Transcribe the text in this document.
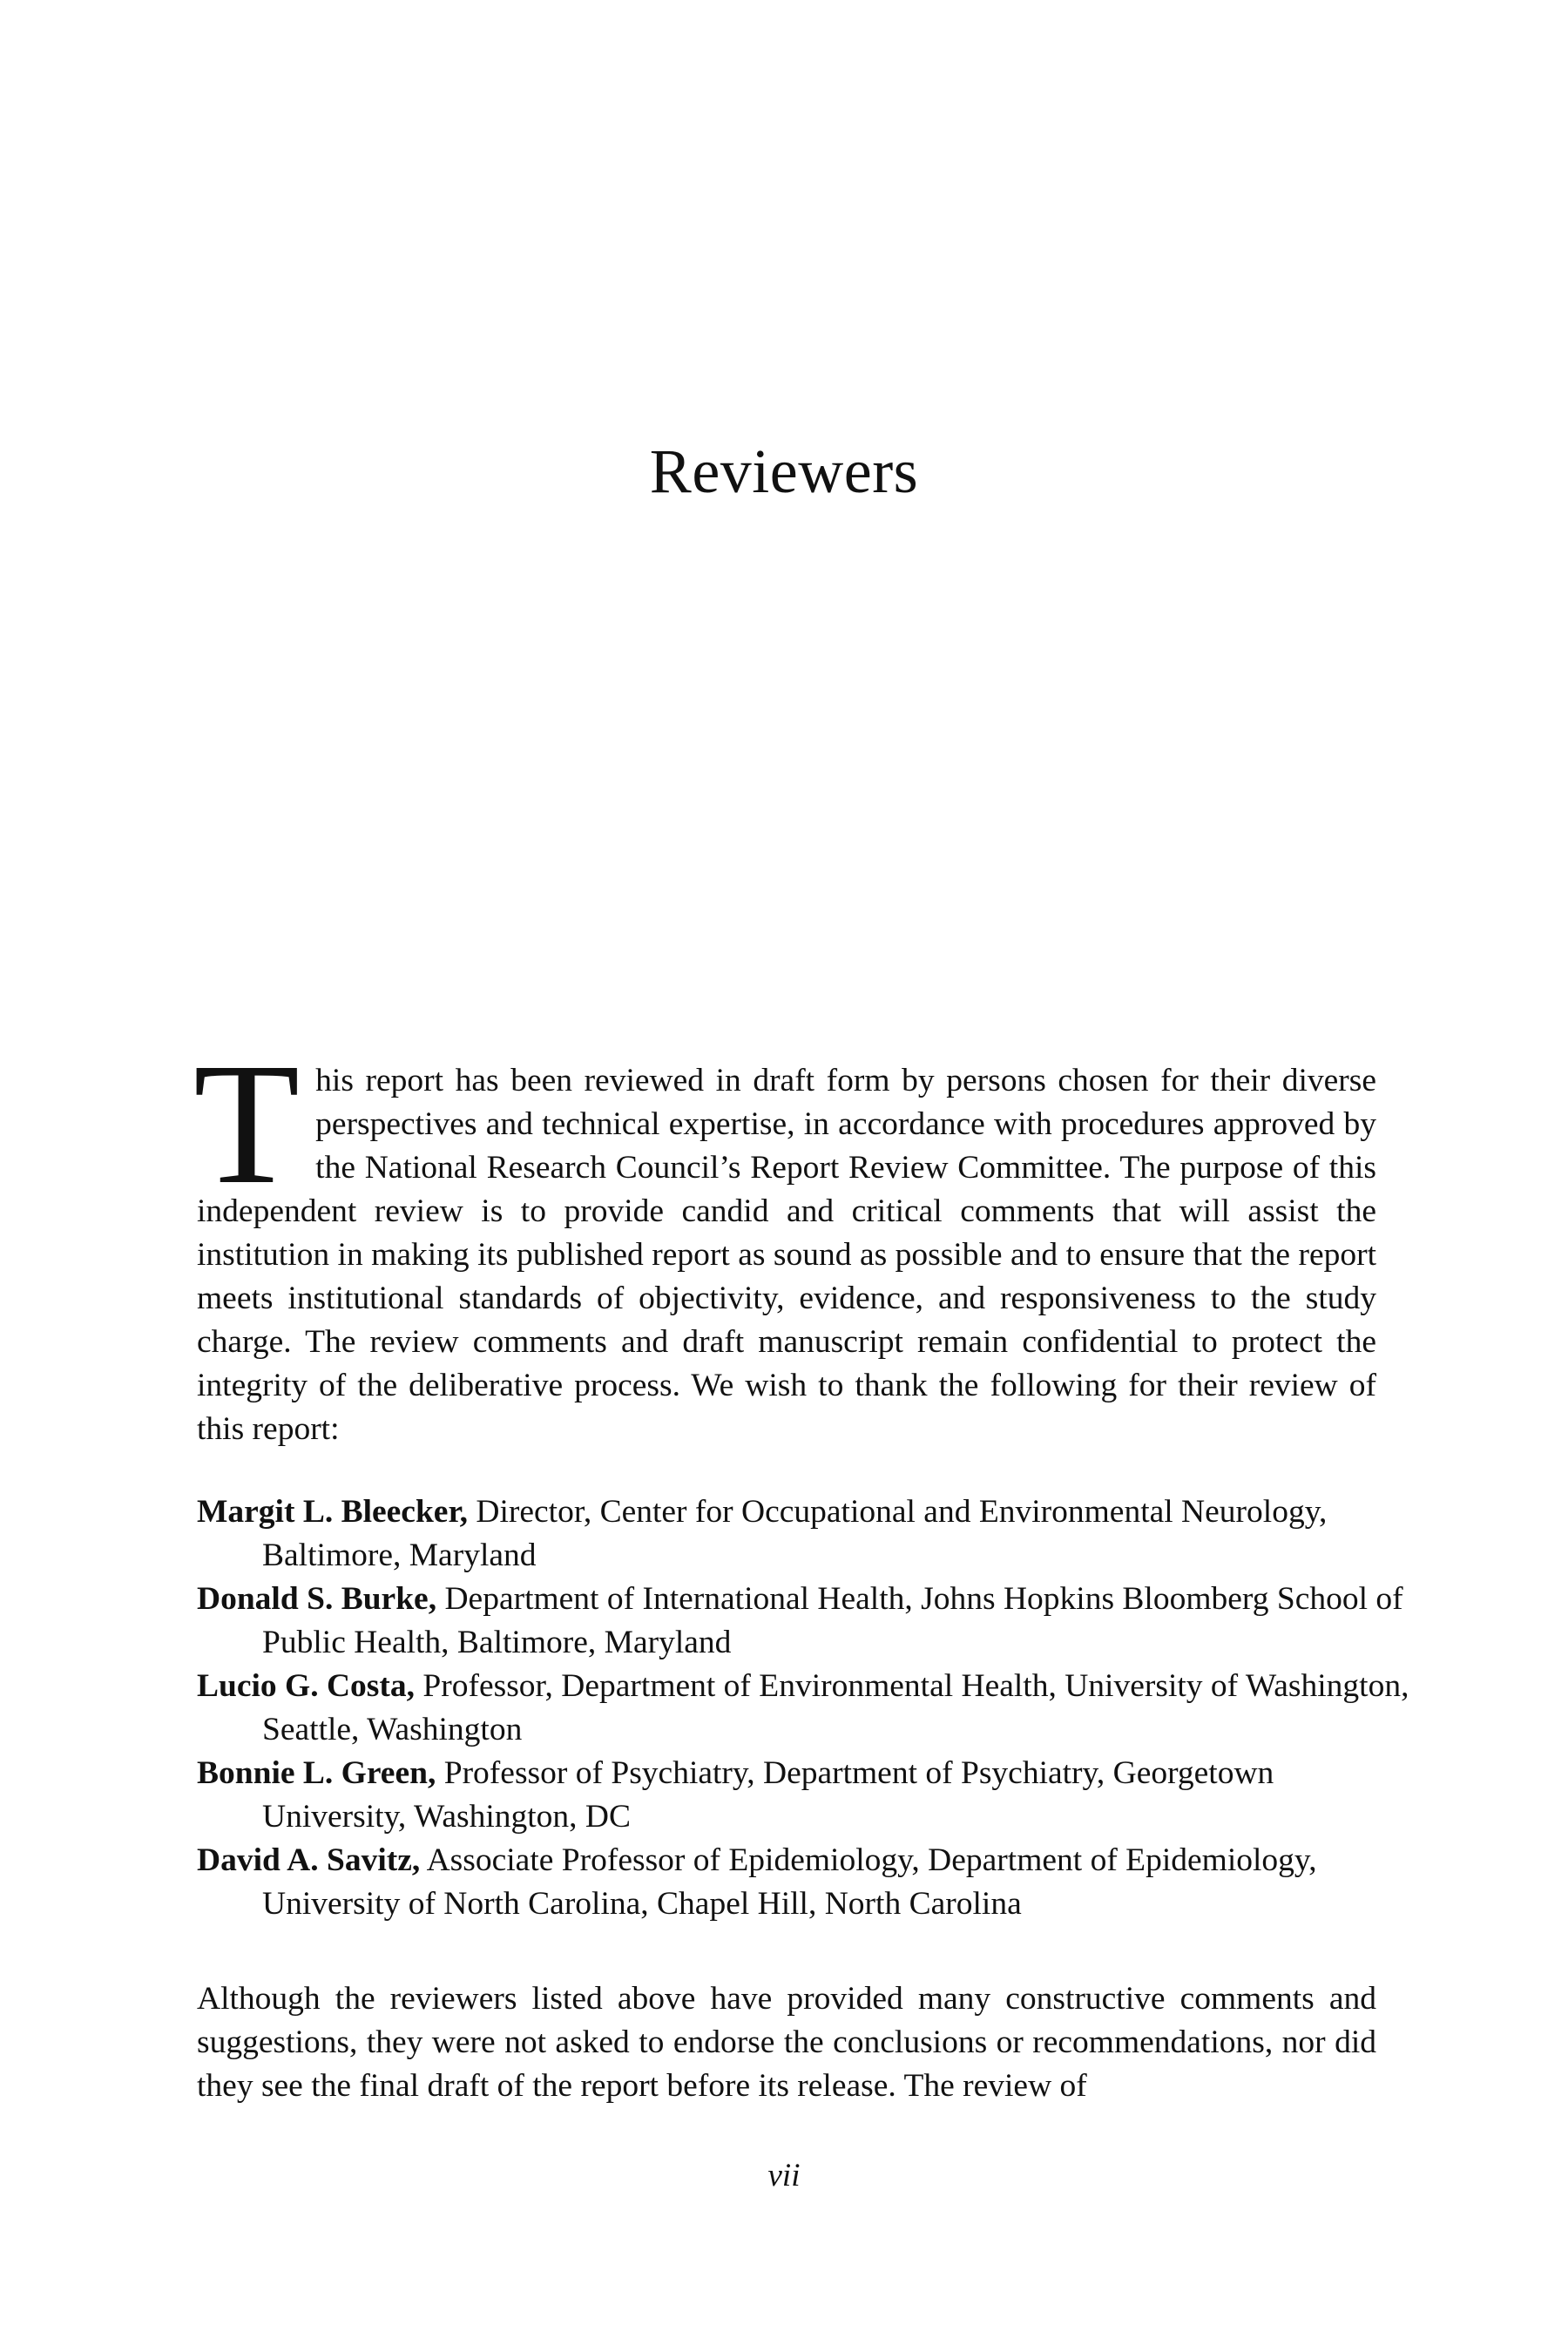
Reviewers
T his report has been reviewed in draft form by persons chosen for their diverse perspectives and technical expertise, in accordance with procedures approved by the National Research Council’s Report Review Committee. The purpose of this independent review is to provide candid and critical comments that will assist the institution in making its published report as sound as possible and to ensure that the report meets institutional standards of objectivity, evidence, and responsiveness to the study charge. The review comments and draft manuscript remain confidential to protect the integrity of the deliberative process. We wish to thank the following for their review of this report:
Margit L. Bleecker, Director, Center for Occupational and Environmental Neurology, Baltimore, Maryland
Donald S. Burke, Department of International Health, Johns Hopkins Bloomberg School of Public Health, Baltimore, Maryland
Lucio G. Costa, Professor, Department of Environmental Health, University of Washington, Seattle, Washington
Bonnie L. Green, Professor of Psychiatry, Department of Psychiatry, Georgetown University, Washington, DC
David A. Savitz, Associate Professor of Epidemiology, Department of Epidemiology, University of North Carolina, Chapel Hill, North Carolina
Although the reviewers listed above have provided many constructive comments and suggestions, they were not asked to endorse the conclusions or recommendations, nor did they see the final draft of the report before its release. The review of
vii
